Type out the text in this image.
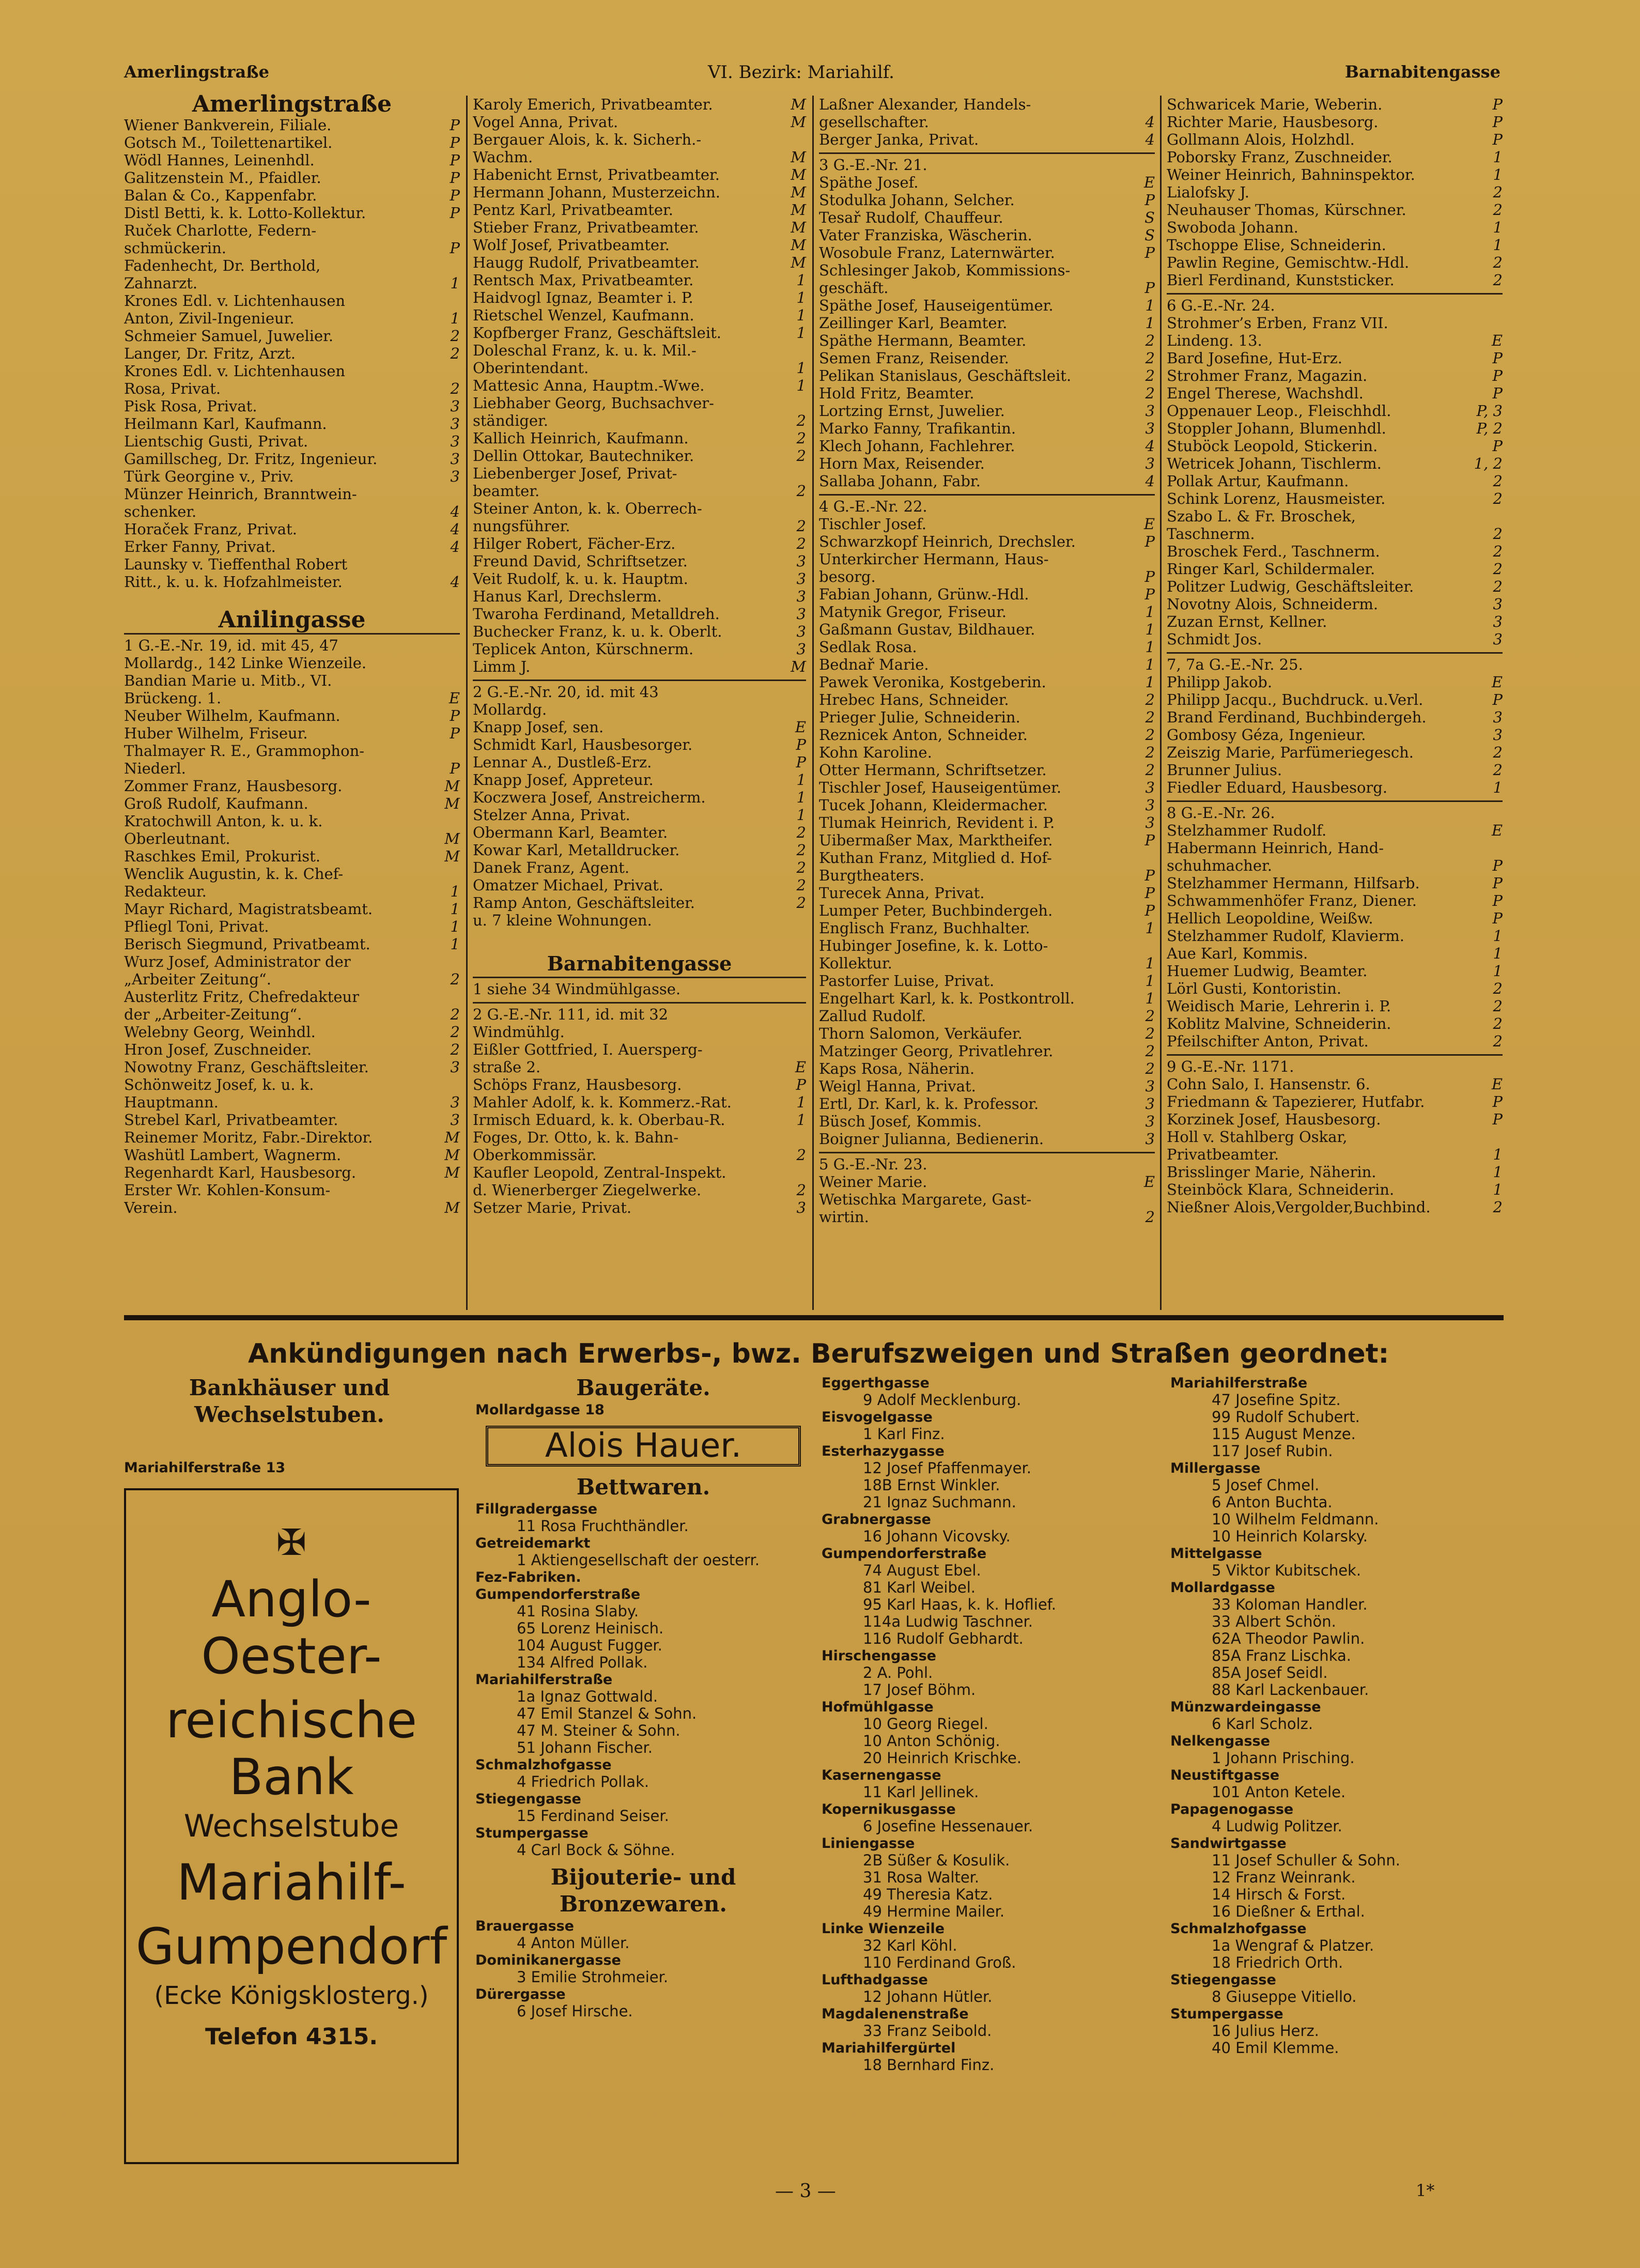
Amerlingstraße	VI. Bezirk: Mariahilf.	Barnabitengasse
Amerlingstraße
Wiener Bankverein, Filiale.	P
Gotsch M., Toilettenartikel.	P
Wödl Hannes, Leinenhdl.	P
Galitzenstein M., Pfaidler.	P
Balan & Co., Kappenfabr.	P
Distl Betti, k. k. Lotto-Kollektur.	P
Ruček Charlotte, Federn-
schmückerin.	P
Fadenhecht, Dr. Berthold,
Zahnarzt.	1
Krones Edl. v. Lichtenhausen
Anton, Zivil-Ingenieur.	1
Schmeier Samuel, Juwelier.	2
Langer, Dr. Fritz, Arzt.	2
Krones Edl. v. Lichtenhausen
Rosa, Privat.	2
Pisk Rosa, Privat.	3
Heilmann Karl, Kaufmann.	3
Lientschig Gusti, Privat.	3
Gamillscheg, Dr. Fritz, Ingenieur.	3
Türk Georgine v., Priv.	3
Münzer Heinrich, Branntwein-
schenker.	4
Horaček Franz, Privat.	4
Erker Fanny, Privat.	4
Launsky v. Tieffenthal Robert
Ritt., k. u. k. Hofzahlmeister.	4
Anilingasse
1 G.-E.-Nr. 19, id. mit 45, 47
Mollardg., 142 Linke Wienzeile.
Bandian Marie u. Mitb., VI.
Brückeng. 1.	E
Neuber Wilhelm, Kaufmann.	P
Huber Wilhelm, Friseur.	P
Thalmayer R. E., Grammophon-
Niederl.	P
Zommer Franz, Hausbesorg.	M
Groß Rudolf, Kaufmann.	M
Kratochwill Anton, k. u. k.
Oberleutnant.	M
Raschkes Emil, Prokurist.	M
Wenclik Augustin, k. k. Chef-
Redakteur.	1
Mayr Richard, Magistratsbeamt.	1
Pfliegl Toni, Privat.	1
Berisch Siegmund, Privatbeamt.	1
Wurz Josef, Administrator der
„Arbeiter Zeitung“.	2
Austerlitz Fritz, Chefredakteur
der „Arbeiter-Zeitung“.	2
Welebny Georg, Weinhdl.	2
Hron Josef, Zuschneider.	2
Nowotny Franz, Geschäftsleiter.	3
Schönweitz Josef, k. u. k.
Hauptmann.	3
Strebel Karl, Privatbeamter.	3
Reinemer Moritz, Fabr.-Direktor.	M
Washütl Lambert, Wagnerm.	M
Regenhardt Karl, Hausbesorg.	M
Erster Wr. Kohlen-Konsum-
Verein.	M
Karoly Emerich, Privatbeamter.	M
Vogel Anna, Privat.	M
Bergauer Alois, k. k. Sicherh.-
Wachm.	M
Habenicht Ernst, Privatbeamter.	M
Hermann Johann, Musterzeichn.	M
Pentz Karl, Privatbeamter.	M
Stieber Franz, Privatbeamter.	M
Wolf Josef, Privatbeamter.	M
Haugg Rudolf, Privatbeamter.	M
Rentsch Max, Privatbeamter.	1
Haidvogl Ignaz, Beamter i. P.	1
Rietschel Wenzel, Kaufmann.	1
Kopfberger Franz, Geschäftsleit.	1
Doleschal Franz, k. u. k. Mil.-
Oberintendant.	1
Mattesic Anna, Hauptm.-Wwe.	1
Liebhaber Georg, Buchsachver-
ständiger.	2
Kallich Heinrich, Kaufmann.	2
Dellin Ottokar, Bautechniker.	2
Liebenberger Josef, Privat-
beamter.	2
Steiner Anton, k. k. Oberrech-
nungsführer.	2
Hilger Robert, Fächer-Erz.	2
Freund David, Schriftsetzer.	3
Veit Rudolf, k. u. k. Hauptm.	3
Hanus Karl, Drechslerm.	3
Twaroha Ferdinand, Metalldreh.	3
Buchecker Franz, k. u. k. Oberlt.	3
Teplicek Anton, Kürschnerm.	3
Limm J.	M
2 G.-E.-Nr. 20, id. mit 43
Mollardg.
Knapp Josef, sen.	E
Schmidt Karl, Hausbesorger.	P
Lennar A., Dustleß-Erz.	P
Knapp Josef, Appreteur.	1
Koczwera Josef, Anstreicherm.	1
Stelzer Anna, Privat.	1
Obermann Karl, Beamter.	2
Kowar Karl, Metalldrucker.	2
Danek Franz, Agent.	2
Omatzer Michael, Privat.	2
Ramp Anton, Geschäftsleiter.	2
u. 7 kleine Wohnungen.
Barnabitengasse
1 siehe 34 Windmühlgasse.
2 G.-E.-Nr. 111, id. mit 32
Windmühlg.
Eißler Gottfried, I. Auersperg-
straße 2.	E
Schöps Franz, Hausbesorg.	P
Mahler Adolf, k. k. Kommerz.-Rat.	1
Irmisch Eduard, k. k. Oberbau-R.	1
Foges, Dr. Otto, k. k. Bahn-
Oberkommissär.	2
Kaufler Leopold, Zentral-Inspekt.
d. Wienerberger Ziegelwerke.	2
Setzer Marie, Privat.	3
Laßner Alexander, Handels-
gesellschafter.	4
Berger Janka, Privat.	4
3 G.-E.-Nr. 21.
Späthe Josef.	E
Stodulka Johann, Selcher.	P
Tesař Rudolf, Chauffeur.	S
Vater Franziska, Wäscherin.	S
Wosobule Franz, Laternwärter.	P
Schlesinger Jakob, Kommissions-
geschäft.	P
Späthe Josef, Hauseigentümer.	1
Zeillinger Karl, Beamter.	1
Späthe Hermann, Beamter.	2
Semen Franz, Reisender.	2
Pelikan Stanislaus, Geschäftsleit.	2
Hold Fritz, Beamter.	2
Lortzing Ernst, Juwelier.	3
Marko Fanny, Trafikantin.	3
Klech Johann, Fachlehrer.	4
Horn Max, Reisender.	3
Sallaba Johann, Fabr.	4
4 G.-E.-Nr. 22.
Tischler Josef.	E
Schwarzkopf Heinrich, Drechsler.	P
Unterkircher Hermann, Haus-
besorg.	P
Fabian Johann, Grünw.-Hdl.	P
Matynik Gregor, Friseur.	1
Gaßmann Gustav, Bildhauer.	1
Sedlak Rosa.	1
Bednař Marie.	1
Pawek Veronika, Kostgeberin.	1
Hrebec Hans, Schneider.	2
Prieger Julie, Schneiderin.	2
Reznicek Anton, Schneider.	2
Kohn Karoline.	2
Otter Hermann, Schriftsetzer.	2
Tischler Josef, Hauseigentümer.	3
Tucek Johann, Kleidermacher.	3
Tlumak Heinrich, Revident i. P.	3
Uibermaßer Max, Marktheifer.	P
Kuthan Franz, Mitglied d. Hof-
Burgtheaters.	P
Turecek Anna, Privat.	P
Lumper Peter, Buchbindergeh.	P
Englisch Franz, Buchhalter.	1
Hubinger Josefine, k. k. Lotto-
Kollektur.	1
Pastorfer Luise, Privat.	1
Engelhart Karl, k. k. Postkontroll.	1
Zallud Rudolf.	2
Thorn Salomon, Verkäufer.	2
Matzinger Georg, Privatlehrer.	2
Kaps Rosa, Näherin.	2
Weigl Hanna, Privat.	3
Ertl, Dr. Karl, k. k. Professor.	3
Büsch Josef, Kommis.	3
Boigner Julianna, Bedienerin.	3
5 G.-E.-Nr. 23.
Weiner Marie.	E
Wetischka Margarete, Gast-
wirtin.	2
Schwaricek Marie, Weberin.	P
Richter Marie, Hausbesorg.	P
Gollmann Alois, Holzhdl.	P
Poborsky Franz, Zuschneider.	1
Weiner Heinrich, Bahninspektor.	1
Lialofsky J.	2
Neuhauser Thomas, Kürschner.	2
Swoboda Johann.	1
Tschoppe Elise, Schneiderin.	1
Pawlin Regine, Gemischtw.-Hdl.	2
Bierl Ferdinand, Kunststicker.	2
6 G.-E.-Nr. 24.
Strohmer’s Erben, Franz VII.
Lindeng. 13.	E
Bard Josefine, Hut-Erz.	P
Strohmer Franz, Magazin.	P
Engel Therese, Wachshdl.	P
Oppenauer Leop., Fleischhdl.	P, 3
Stoppler Johann, Blumenhdl.	P, 2
Stuböck Leopold, Stickerin.	P
Wetricek Johann, Tischlerm.	1, 2
Pollak Artur, Kaufmann.	2
Schink Lorenz, Hausmeister.	2
Szabo L. & Fr. Broschek,
Taschnerm.	2
Broschek Ferd., Taschnerm.	2
Ringer Karl, Schildermaler.	2
Politzer Ludwig, Geschäftsleiter.	2
Novotny Alois, Schneiderm.	3
Zuzan Ernst, Kellner.	3
Schmidt Jos.	3
7, 7a G.-E.-Nr. 25.
Philipp Jakob.	E
Philipp Jacqu., Buchdruck. u.Verl.	P
Brand Ferdinand, Buchbindergeh.	3
Gombosy Géza, Ingenieur.	3
Zeiszig Marie, Parfümeriegesch.	2
Brunner Julius.	2
Fiedler Eduard, Hausbesorg.	1
8 G.-E.-Nr. 26.
Stelzhammer Rudolf.	E
Habermann Heinrich, Hand-
schuhmacher.	P
Stelzhammer Hermann, Hilfsarb.	P
Schwammenhöfer Franz, Diener.	P
Hellich Leopoldine, Weißw.	P
Stelzhammer Rudolf, Klavierm.	1
Aue Karl, Kommis.	1
Huemer Ludwig, Beamter.	1
Lörl Gusti, Kontoristin.	2
Weidisch Marie, Lehrerin i. P.	2
Koblitz Malvine, Schneiderin.	2
Pfeilschifter Anton, Privat.	2
9 G.-E.-Nr. 1171.
Cohn Salo, I. Hansenstr. 6.	E
Friedmann & Tapezierer, Hutfabr.	P
Korzinek Josef, Hausbesorg.	P
Holl v. Stahlberg Oskar,
Privatbeamter.	1
Brisslinger Marie, Näherin.	1
Steinböck Klara, Schneiderin.	1
Nießner Alois,Vergolder,Buchbind.	2
Ankündigungen nach Erwerbs-, bwz. Berufszweigen und Straßen geordnet:
Bankhäuser und Wechselstuben.
Mariahilferstraße 13
✠
Anglo-Oester-
reichische Bank
Wechselstube
Mariahilf-
Gumpendorf
(Ecke Königsklosterg.)
Telefon 4315.
Baugeräte.
Mollardgasse 18
Alois Hauer.
Bettwaren.
Fillgradergasse
11 Rosa Fruchthändler.
Getreidemarkt
1 Aktiengesellschaft der oesterr.
Fez-Fabriken.
Gumpendorferstraße
41 Rosina Slaby.
65 Lorenz Heinisch.
104 August Fugger.
134 Alfred Pollak.
Mariahilferstraße
1a Ignaz Gottwald.
47 Emil Stanzel & Sohn.
47 M. Steiner & Sohn.
51 Johann Fischer.
Schmalzhofgasse
4 Friedrich Pollak.
Stiegengasse
15 Ferdinand Seiser.
Stumpergasse
4 Carl Bock & Söhne.
Bijouterie- und Bronzewaren.
Brauergasse
4 Anton Müller.
Dominikanergasse
3 Emilie Strohmeier.
Dürergasse
6 Josef Hirsche.
Eggerthgasse
9 Adolf Mecklenburg.
Eisvogelgasse
1 Karl Finz.
Esterhazygasse
12 Josef Pfaffenmayer.
18B Ernst Winkler.
21 Ignaz Suchmann.
Grabnergasse
16 Johann Vicovsky.
Gumpendorferstraße
74 August Ebel.
81 Karl Weibel.
95 Karl Haas, k. k. Hoflief.
114a Ludwig Taschner.
116 Rudolf Gebhardt.
Hirschengasse
2 A. Pohl.
17 Josef Böhm.
Hofmühlgasse
10 Georg Riegel.
10 Anton Schönig.
20 Heinrich Krischke.
Kasernengasse
11 Karl Jellinek.
Kopernikusgasse
6 Josefine Hessenauer.
Liniengasse
2B Süßer & Kosulik.
31 Rosa Walter.
49 Theresia Katz.
49 Hermine Mailer.
Linke Wienzeile
32 Karl Köhl.
110 Ferdinand Groß.
Lufthadgasse
12 Johann Hütler.
Magdalenenstraße
33 Franz Seibold.
Mariahilfergürtel
18 Bernhard Finz.
Mariahilferstraße
47 Josefine Spitz.
99 Rudolf Schubert.
115 August Menze.
117 Josef Rubin.
Millergasse
5 Josef Chmel.
6 Anton Buchta.
10 Wilhelm Feldmann.
10 Heinrich Kolarsky.
Mittelgasse
5 Viktor Kubitschek.
Mollardgasse
33 Koloman Handler.
33 Albert Schön.
62A Theodor Pawlin.
85A Franz Lischka.
85A Josef Seidl.
88 Karl Lackenbauer.
Münzwardeingasse
6 Karl Scholz.
Nelkengasse
1 Johann Prisching.
Neustiftgasse
101 Anton Ketele.
Papagenogasse
4 Ludwig Politzer.
Sandwirtgasse
11 Josef Schuller & Sohn.
12 Franz Weinrank.
14 Hirsch & Forst.
16 Dießner & Erthal.
Schmalzhofgasse
1a Wengraf & Platzer.
18 Friedrich Orth.
Stiegengasse
8 Giuseppe Vitiello.
Stumpergasse
16 Julius Herz.
40 Emil Klemme.
— 3 —	1*
